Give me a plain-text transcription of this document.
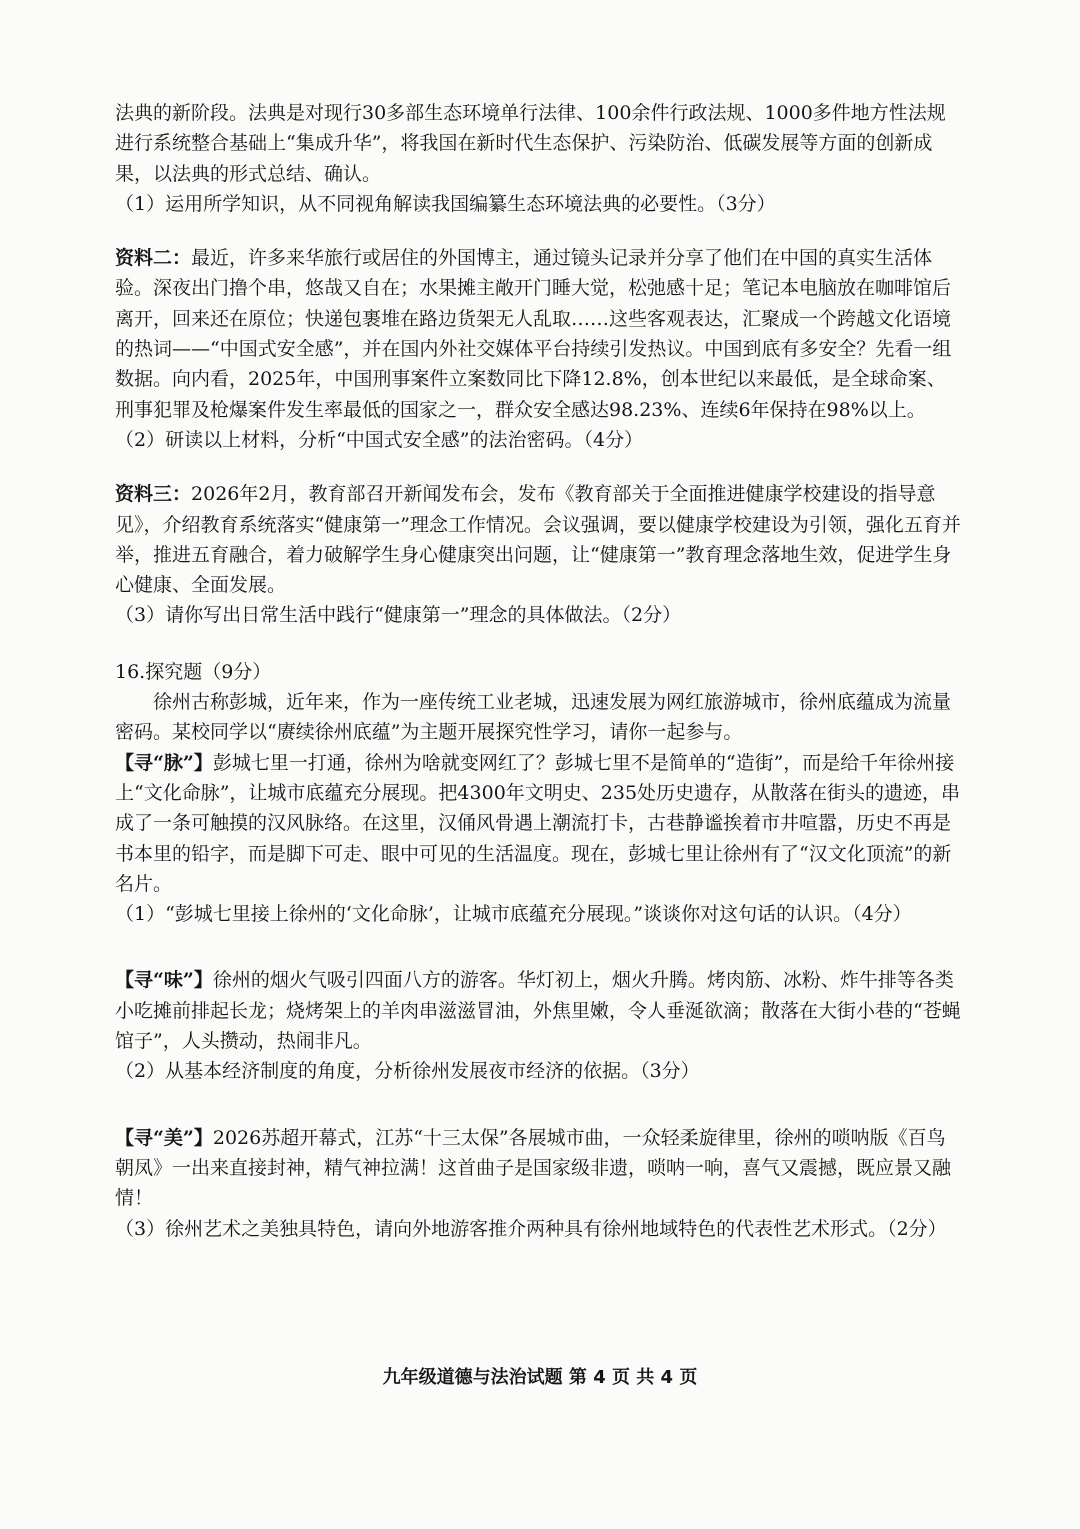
法典的新阶段。法典是对现行30多部生态环境单行法律、100余件行政法规、1000多件地方性法规进行系统整合基础上“集成升华”，将我国在新时代生态保护、污染防治、低碳发展等方面的创新成果，以法典的形式总结、确认。

（1）运用所学知识，从不同视角解读我国编纂生态环境法典的必要性。（3分）

资料二：最近，许多来华旅行或居住的外国博主，通过镜头记录并分享了他们在中国的真实生活体验。深夜出门撸个串，悠哉又自在；水果摊主敞开门睡大觉，松弛感十足；笔记本电脑放在咖啡馆后离开，回来还在原位；快递包裹堆在路边货架无人乱取……这些客观表达，汇聚成一个跨越文化语境的热词——“中国式安全感”，并在国内外社交媒体平台持续引发热议。中国到底有多安全？先看一组数据。向内看，2025年，中国刑事案件立案数同比下降12.8%，创本世纪以来最低，是全球命案、刑事犯罪及枪爆案件发生率最低的国家之一，群众安全感达98.23%、连续6年保持在98%以上。

（2）研读以上材料，分析“中国式安全感”的法治密码。（4分）

资料三：2026年2月，教育部召开新闻发布会，发布《教育部关于全面推进健康学校建设的指导意见》，介绍教育系统落实“健康第一”理念工作情况。会议强调，要以健康学校建设为引领，强化五育并举，推进五育融合，着力破解学生身心健康突出问题，让“健康第一”教育理念落地生效，促进学生身心健康、全面发展。

（3）请你写出日常生活中践行“健康第一”理念的具体做法。（2分）

16.探究题（9分）

徐州古称彭城，近年来，作为一座传统工业老城，迅速发展为网红旅游城市，徐州底蕴成为流量密码。某校同学以“赓续徐州底蕴”为主题开展探究性学习，请你一起参与。

【寻“脉”】彭城七里一打通，徐州为啥就变网红了？彭城七里不是简单的“造街”，而是给千年徐州接上“文化命脉”，让城市底蕴充分展现。把4300年文明史、235处历史遗存，从散落在街头的遗迹，串成了一条可触摸的汉风脉络。在这里，汉俑风骨遇上潮流打卡，古巷静谧挨着市井喧嚣，历史不再是书本里的铅字，而是脚下可走、眼中可见的生活温度。现在，彭城七里让徐州有了“汉文化顶流”的新名片。

（1）“彭城七里接上徐州的‘文化命脉’，让城市底蕴充分展现。”谈谈你对这句话的认识。（4分）

【寻“味”】徐州的烟火气吸引四面八方的游客。华灯初上，烟火升腾。烤肉筋、冰粉、炸牛排等各类小吃摊前排起长龙；烧烤架上的羊肉串滋滋冒油，外焦里嫩，令人垂涎欲滴；散落在大街小巷的“苍蝇馆子”，人头攒动，热闹非凡。

（2）从基本经济制度的角度，分析徐州发展夜市经济的依据。（3分）

【寻“美”】2026苏超开幕式，江苏“十三太保”各展城市曲，一众轻柔旋律里，徐州的唢呐版《百鸟朝凤》一出来直接封神，精气神拉满！这首曲子是国家级非遗，唢呐一响，喜气又震撼，既应景又融情！

（3）徐州艺术之美独具特色，请向外地游客推介两种具有徐州地域特色的代表性艺术形式。（2分）

九年级道德与法治试题 第 4 页 共 4 页
